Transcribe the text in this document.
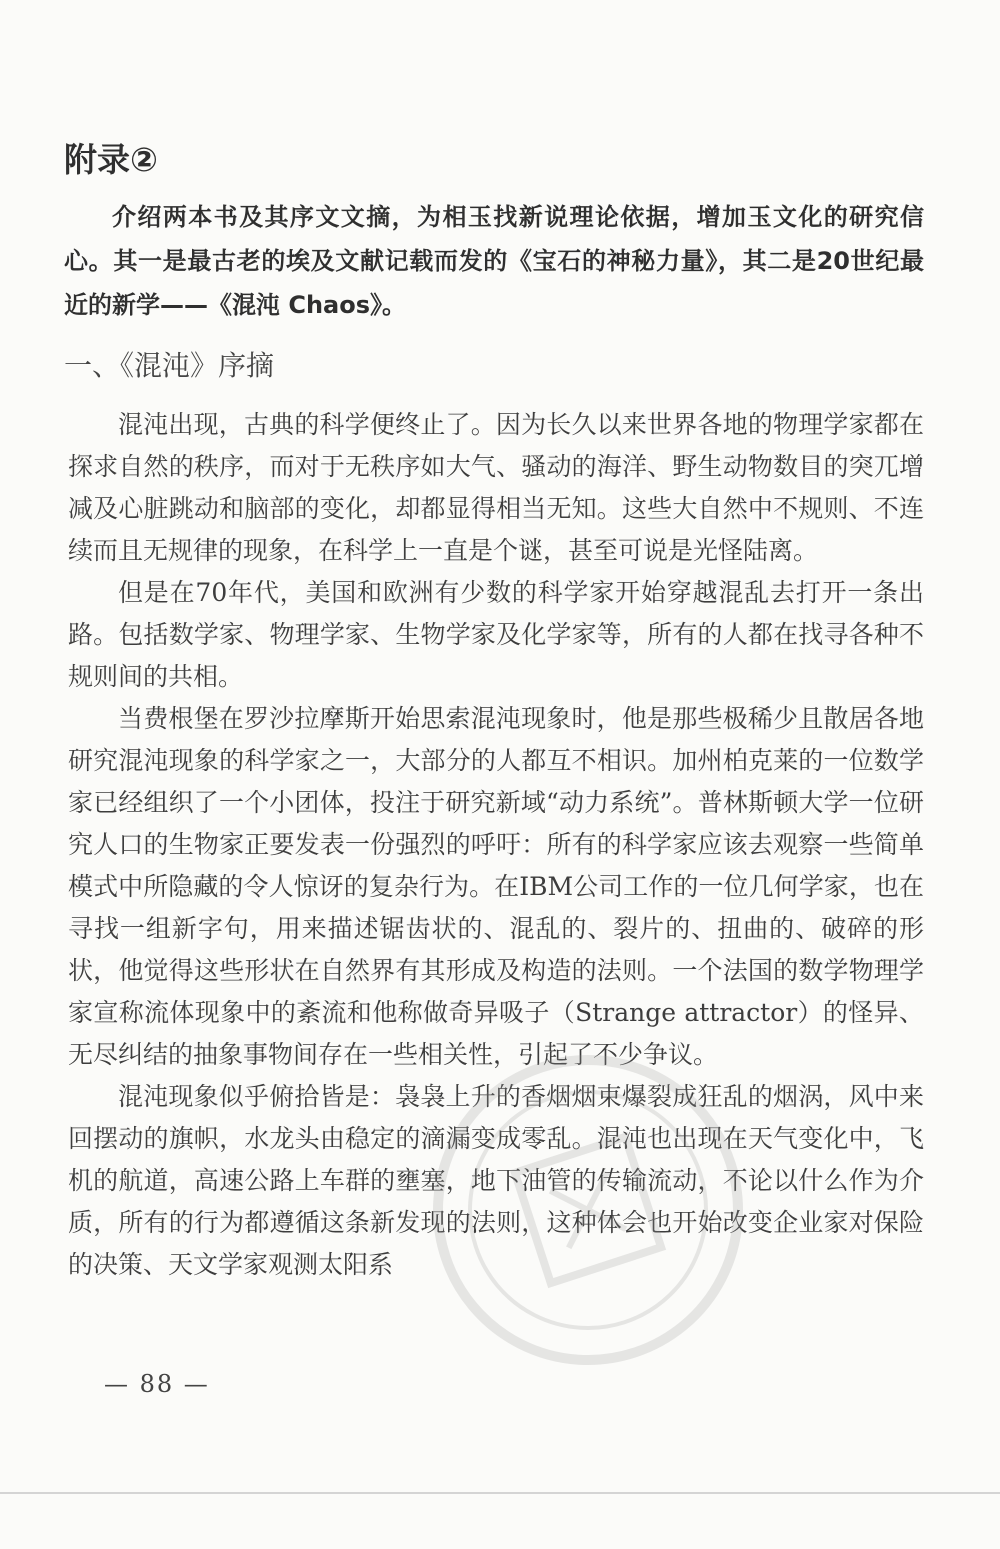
附录②

介绍两本书及其序文文摘，为相玉找新说理论依据，增加玉文化的研究信心。其一是最古老的埃及文献记载而发的《宝石的神秘力量》，其二是20世纪最近的新学——《混沌 Chaos》。

一、《混沌》序摘

混沌出现，古典的科学便终止了。因为长久以来世界各地的物理学家都在探求自然的秩序，而对于无秩序如大气、骚动的海洋、野生动物数目的突兀增减及心脏跳动和脑部的变化，却都显得相当无知。这些大自然中不规则、不连续而且无规律的现象，在科学上一直是个谜，甚至可说是光怪陆离。

但是在70年代，美国和欧洲有少数的科学家开始穿越混乱去打开一条出路。包括数学家、物理学家、生物学家及化学家等，所有的人都在找寻各种不规则间的共相。

当费根堡在罗沙拉摩斯开始思索混沌现象时，他是那些极稀少且散居各地研究混沌现象的科学家之一，大部分的人都互不相识。加州柏克莱的一位数学家已经组织了一个小团体，投注于研究新域“动力系统”。普林斯顿大学一位研究人口的生物家正要发表一份强烈的呼吁：所有的科学家应该去观察一些简单模式中所隐藏的令人惊讶的复杂行为。在IBM公司工作的一位几何学家，也在寻找一组新字句，用来描述锯齿状的、混乱的、裂片的、扭曲的、破碎的形状，他觉得这些形状在自然界有其形成及构造的法则。一个法国的数学物理学家宣称流体现象中的紊流和他称做奇异吸子（Strange attractor）的怪异、无尽纠结的抽象事物间存在一些相关性，引起了不少争议。

混沌现象似乎俯拾皆是：袅袅上升的香烟烟束爆裂成狂乱的烟涡，风中来回摆动的旗帜，水龙头由稳定的滴漏变成零乱。混沌也出现在天气变化中，飞机的航道，高速公路上车群的壅塞，地下油管的传输流动，不论以什么作为介质，所有的行为都遵循这条新发现的法则，这种体会也开始改变企业家对保险的决策、天文学家观测太阳系

— 88 —
